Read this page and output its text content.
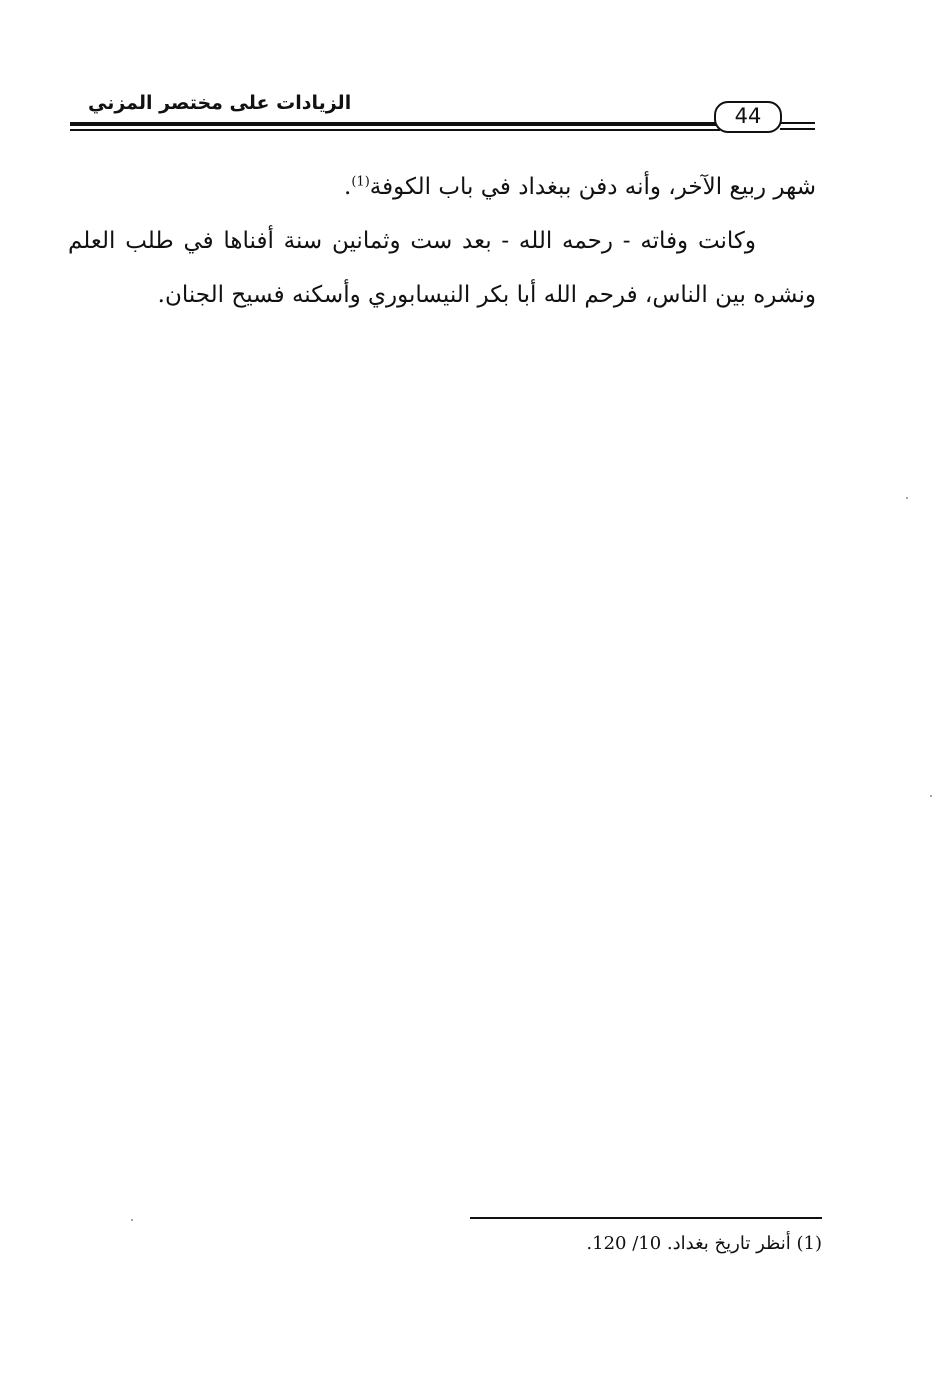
الزيادات على مختصر المزني
44

شهر ربيع الآخر، وأنه دفن ببغداد في باب الكوفة$^{(1)}$.

وكانت وفاته - رحمه الله - بعد ست وثمانين سنة أفناها في طلب العلم ونشره بين الناس، فرحم الله أبا بكر النيسابوري وأسكنه فسيح الجنان.

(1) أنظر تاريخ بغداد. 10/ 120.
